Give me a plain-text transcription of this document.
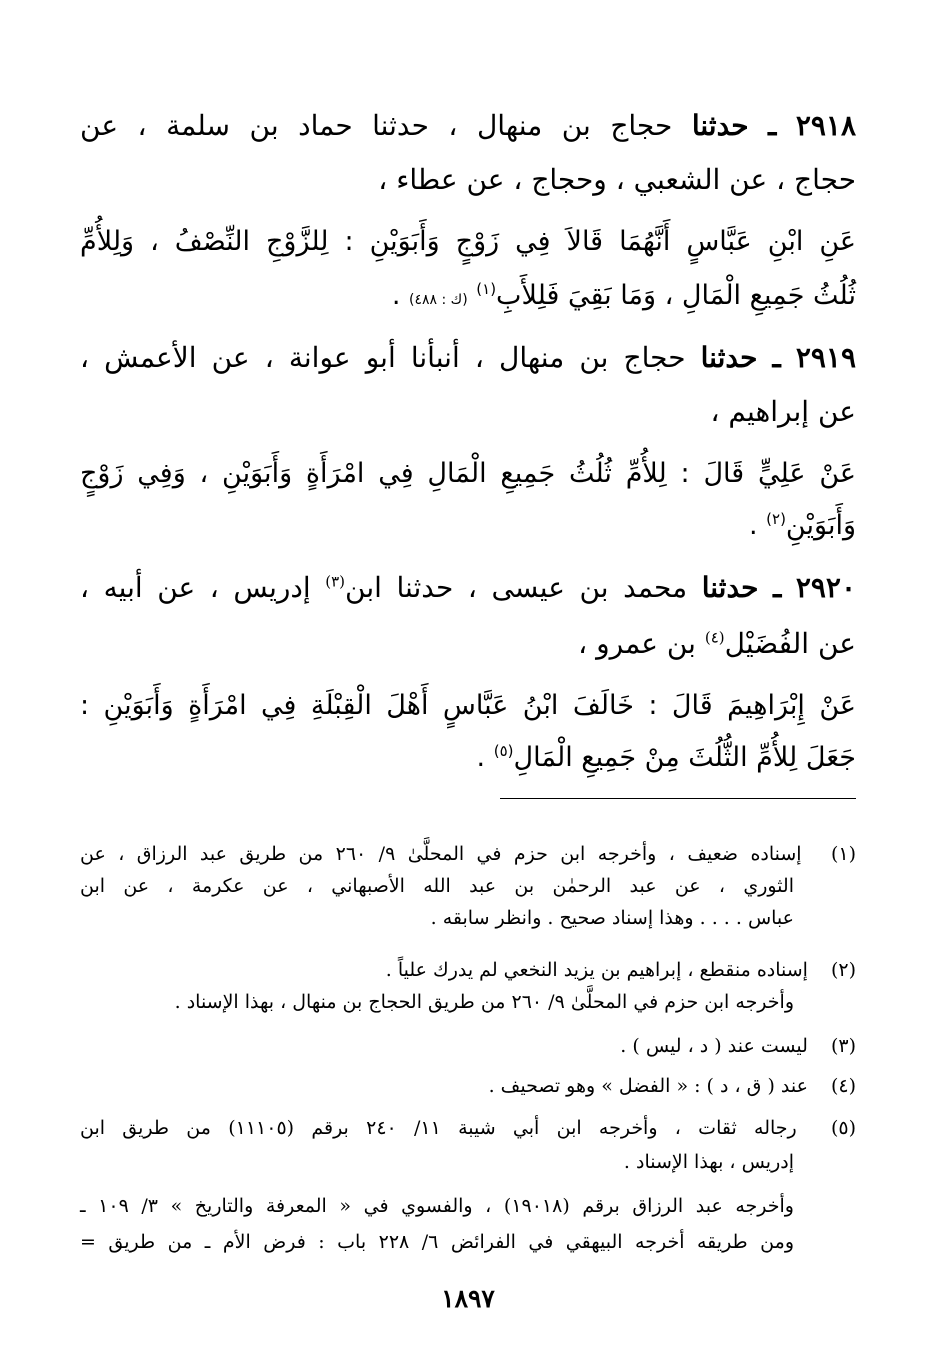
٢٩١٨ ـ حدثنا حجاج بن منهال ، حدثنا حماد بن سلمة ، عن
حجاج ، عن الشعبي ، وحجاج ، عن عطاء ،
عَنِ ابْنِ عَبَّاسٍ أَنَّهُمَا قَالاَ فِي زَوْجٍ وَأَبَوَيْنِ : لِلزَّوْجِ النِّصْفُ ، وَلِلأُمِّ
ثُلُثُ جَمِيعِ الْمَالِ ، وَمَا بَقِيَ فَلِلأَبِ$^{(١)}$ (ك : ٤٨٨) .
٢٩١٩ ـ حدثنا حجاج بن منهال ، أنبأنا أبو عوانة ، عن الأعمش ،
عن إبراهيم ،
عَنْ عَلِيٍّ قَالَ : لِلأُمِّ ثُلُثُ جَمِيعِ الْمَالِ فِي امْرَأَةٍ وَأَبَوَيْنِ ، وَفِي زَوْجٍ
وَأَبَوَيْنِ$^{(٢)}$ .
٢٩٢٠ ـ حدثنا محمد بن عيسى ، حدثنا ابن$^{(٣)}$ إدريس ، عن أبيه ،
عن الفُضَيْل$^{(٤)}$ بن عمرو ،
عَنْ إِبْرَاهِيمَ قَالَ : خَالَفَ ابْنُ عَبَّاسٍ أَهْلَ الْقِبْلَةِ فِي امْرَأَةٍ وَأَبَوَيْنِ :
جَعَلَ لِلأُمِّ الثُّلُثَ مِنْ جَمِيعِ الْمَالِ$^{(٥)}$ .
(١) إسناده ضعيف ، وأخرجه ابن حزم في المحلَّىٰ ٩/ ٢٦٠ من طريق عبد الرزاق ، عن
الثوري ، عن عبد الرحمٰن بن عبد الله الأصبهاني ، عن عكرمة ، عن ابن
عباس . . . . وهذا إسناد صحيح . وانظر سابقه .
(٢) إسناده منقطع ، إبراهيم بن يزيد النخعي لم يدرك علياً .
وأخرجه ابن حزم في المحلَّىٰ ٩/ ٢٦٠ من طريق الحجاج بن منهال ، بهذا الإسناد .
(٣) ليست عند ( د ، ليس ) .
(٤) عند ( ق ، د ) : « الفضل » وهو تصحيف .
(٥) رجاله ثقات ، وأخرجه ابن أبي شيبة ١١/ ٢٤٠ برقم (١١١٠٥) من طريق ابن
إدريس ، بهذا الإسناد .
وأخرجه عبد الرزاق برقم (١٩٠١٨) ، والفسوي في « المعرفة والتاريخ » ٣/ ١٠٩ ـ
ومن طريقه أخرجه البيهقي في الفرائض ٦/ ٢٢٨ باب : فرض الأم ـ من طريق =
١٨٩٧
